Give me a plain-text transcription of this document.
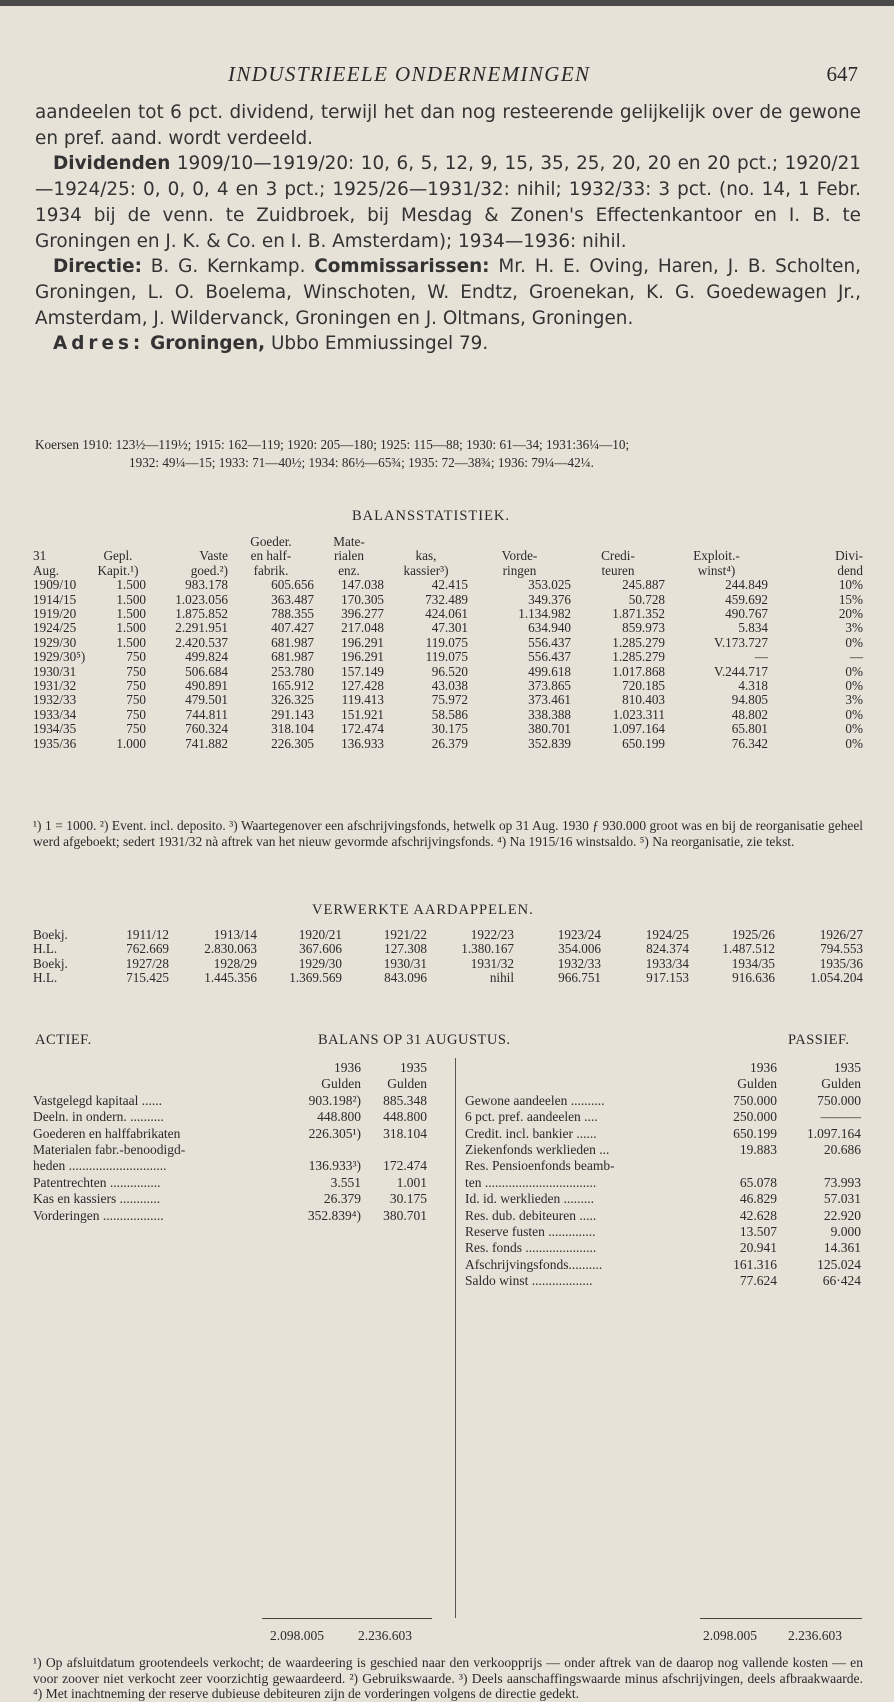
INDUSTRIEELE ONDERNEMINGEN	647

aandeelen tot 6 pct. dividend, terwijl het dan nog resteerende gelijkelijk over de gewone en pref. aand. wordt verdeeld.

Dividenden 1909/10—1919/20: 10, 6, 5, 12, 9, 15, 35, 25, 20, 20 en 20 pct.; 1920/21—1924/25: 0, 0, 0, 4 en 3 pct.; 1925/26—1931/32: nihil; 1932/33: 3 pct. (no. 14, 1 Febr. 1934 bij de venn. te Zuidbroek, bij Mesdag & Zonen's Effectenkantoor en I. B. te Groningen en J. K. & Co. en I. B. Amsterdam); 1934—1936: nihil.

Directie: B. G. Kernkamp. Commissarissen: Mr. H. E. Oving, Haren, J. B. Scholten, Groningen, L. O. Boelema, Winschoten, W. Endtz, Groenekan, K. G. Goedewagen Jr., Amsterdam, J. Wildervanck, Groningen en J. Oltmans, Groningen.

Adres: Groningen, Ubbo Emmiussingel 79.

Koersen 1910: 123½—119½; 1915: 162—119; 1920: 205—180; 1925: 115—88; 1930: 61—34; 1931:36¼—10;
1932: 49¼—15; 1933: 71—40½; 1934: 86½—65¾; 1935: 72—38¾; 1936: 79¼—42¼.
BALANSSTATISTIEK.
			Goeder.	Mate-					
31	Gepl.	Vaste	en half-	rialen	kas,	Vorde-	Credi-	Exploit.-	Divi-
Aug.	Kapit.¹)	goed.²)	fabrik.	enz.	kassier³)	ringen	teuren	winst⁴)	dend
1909/10	1.500	983.178	605.656	147.038	42.415	353.025	245.887	244.849	10%
1914/15	1.500	1.023.056	363.487	170.305	732.489	349.376	50.728	459.692	15%
1919/20	1.500	1.875.852	788.355	396.277	424.061	1.134.982	1.871.352	490.767	20%
1924/25	1.500	2.291.951	407.427	217.048	47.301	634.940	859.973	5.834	3%
1929/30	1.500	2.420.537	681.987	196.291	119.075	556.437	1.285.279	V.173.727	0%
1929/30⁵)	750	499.824	681.987	196.291	119.075	556.437	1.285.279	—	—
1930/31	750	506.684	253.780	157.149	96.520	499.618	1.017.868	V.244.717	0%
1931/32	750	490.891	165.912	127.428	43.038	373.865	720.185	4.318	0%
1932/33	750	479.501	326.325	119.413	75.972	373.461	810.403	94.805	3%
1933/34	750	744.811	291.143	151.921	58.586	338.388	1.023.311	48.802	0%
1934/35	750	760.324	318.104	172.474	30.175	380.701	1.097.164	65.801	0%
1935/36	1.000	741.882	226.305	136.933	26.379	352.839	650.199	76.342	0%
¹) 1 = 1000. ²) Event. incl. deposito. ³) Waartegenover een afschrijvingsfonds, hetwelk op 31 Aug. 1930 ƒ 930.000 groot was en bij de reorganisatie geheel werd afgeboekt; sedert 1931/32 nà aftrek van het nieuw gevormde afschrijvingsfonds. ⁴) Na 1915/16 winstsaldo. ⁵) Na reorganisatie, zie tekst.
VERWERKTE AARDAPPELEN.
Boekj.	1911/12	1913/14	1920/21	1921/22	1922/23	1923/24	1924/25	1925/26	1926/27
H.L.	762.669	2.830.063	367.606	127.308	1.380.167	354.006	824.374	1.487.512	794.553
Boekj.	1927/28	1928/29	1929/30	1930/31	1931/32	1932/33	1933/34	1934/35	1935/36
H.L.	715.425	1.445.356	1.369.569	843.096	nihil	966.751	917.153	916.636	1.054.204
ACTIEF.	BALANS OP 31 AUGUSTUS.	PASSIEF.
1936	1935
Gulden	Gulden
Vastgelegd kapitaal ......	903.198²)	885.348
Deeln. in ondern. ..........	448.800	448.800
Goederen en halffabrikaten	226.305¹)	318.104
Materialen fabr.-benoodigd-
heden .............................	136.933³)	172.474
Patentrechten ...............	3.551	1.001
Kas en kassiers ............	26.379	30.175
Vorderingen ..................	352.839⁴)	380.701
1936	1935
Gulden	Gulden
Gewone aandeelen ..........	750.000	750.000
6 pct. pref. aandeelen ....	250.000	———
Credit. incl. bankier ......	650.199	1.097.164
Ziekenfonds werklieden ...	19.883	20.686
Res. Pensioenfonds beamb-
ten .................................	65.078	73.993
Id. id. werklieden .........	46.829	57.031
Res. dub. debiteuren .....	42.628	22.920
Reserve fusten ..............	13.507	9.000
Res. fonds .....................	20.941	14.361
Afschrijvingsfonds..........	161.316	125.024
Saldo winst ..................	77.624	66·424
2.098.005	2.236.603	2.098.005 2.236.603
¹) Op afsluitdatum grootendeels verkocht; de waardeering is geschied naar den verkoopprijs — onder aftrek van de daarop nog vallende kosten — en voor zoover niet verkocht zeer voorzichtig gewaardeerd. ²) Gebruikswaarde. ³) Deels aanschaffingswaarde minus afschrijvingen, deels afbraakwaarde. ⁴) Met inachtneming der reserve dubieuse debiteuren zijn de vorderingen volgens de directie gedekt.
